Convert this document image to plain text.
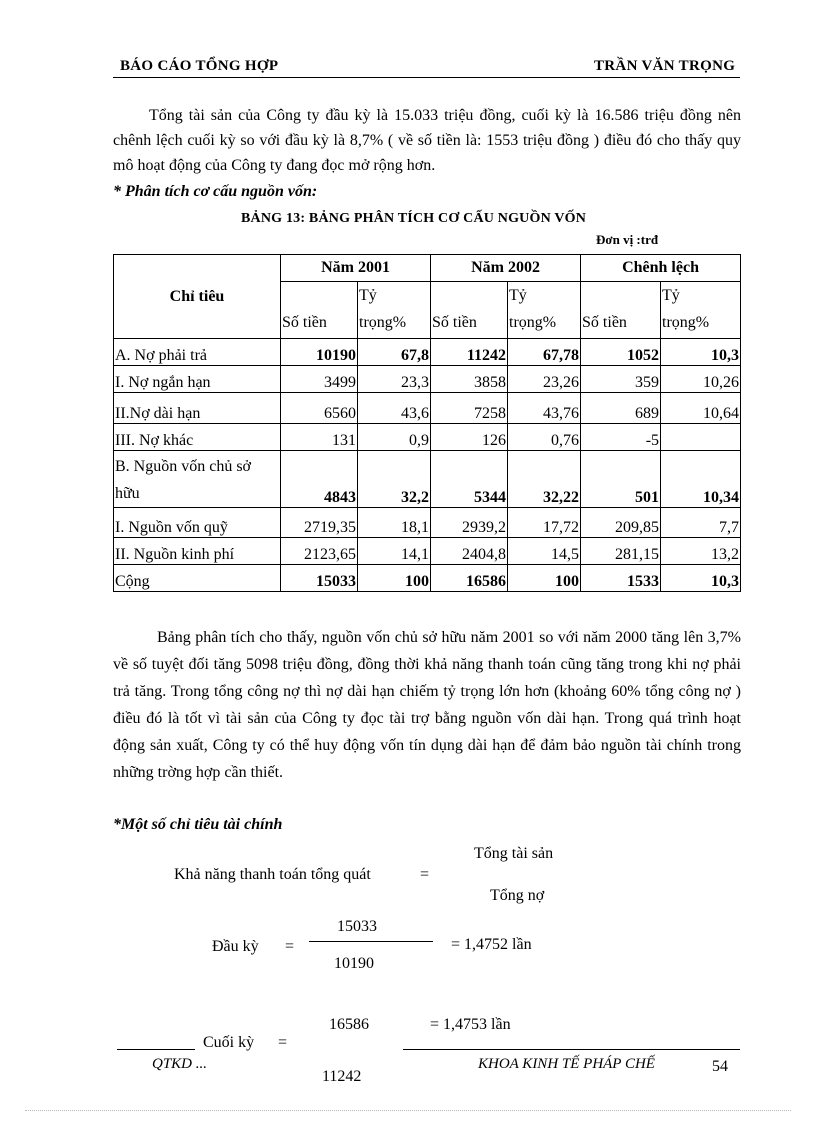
BÁO CÁO TỔNG HỢP	TRẦN VĂN TRỌNG
Tổng tài sản của Công ty đầu kỳ là 15.033 triệu đồng, cuối kỳ là 16.586 triệu đồng nên chênh lệch cuối kỳ so với đầu kỳ là 8,7% ( về số tiền là: 1553 triệu đồng ) điều đó cho thấy quy mô hoạt động của Công ty đang đọc mở rộng hơn.
* Phân tích cơ cấu nguồn vốn:
BẢNG 13: BẢNG PHÂN TÍCH CƠ CẤU NGUỒN VỐN
Đơn vị :trđ
Chỉ tiêu	Năm 2001		Năm 2002		Chênh lệch	

Số tiền	Tỷ
trọng%	Số tiền	Tỷ
trọng%	Số tiền	Tỷ
trọng%
A. Nợ phải trả	10190	67,8	11242	67,78	1052	10,3
I. Nợ ngắn hạn	3499	23,3	3858	23,26	359	10,26
II.Nợ dài hạn	6560	43,6	7258	43,76	689	10,64
III. Nợ khác	131	0,9	126	0,76	-5	
B. Nguồn vốn chủ sở
hữu	4843	32,2	5344	32,22	501	10,34
I. Nguồn vốn quỹ	2719,35	18,1	2939,2	17,72	209,85	7,7
II. Nguồn kinh phí	2123,65	14,1	2404,8	14,5	281,15	13,2
Cộng	15033	100	16586	100	1533	10,3
Bảng phân tích cho thấy, nguồn vốn chủ sở hữu năm 2001 so với năm 2000 tăng lên 3,7% về số tuyệt đối tăng 5098 triệu đồng, đồng thời khả năng thanh toán cũng tăng trong khi nợ phải trả tăng. Trong tổng công nợ thì nợ dài hạn chiếm tỷ trọng lớn hơn (khoảng 60% tổng công nợ ) điều đó là tốt vì tài sản của Công ty đọc tài trợ bằng nguồn vốn dài hạn. Trong quá trình hoạt động sản xuất, Công ty có thể huy động vốn tín dụng dài hạn để đảm bảo nguồn tài chính trong những trờng hợp cần thiết.
*Một số chỉ tiêu tài chính
Tổng tài sản
Khả năng thanh toán tổng quát	=
Tổng nợ
15033
Đầu kỳ =	= 1,4752 lần
10190
16586	= 1,4753 lần
Cuối kỳ =
QTKD ...	KHOA KINH TẾ PHÁP CHẾ	54
11242
